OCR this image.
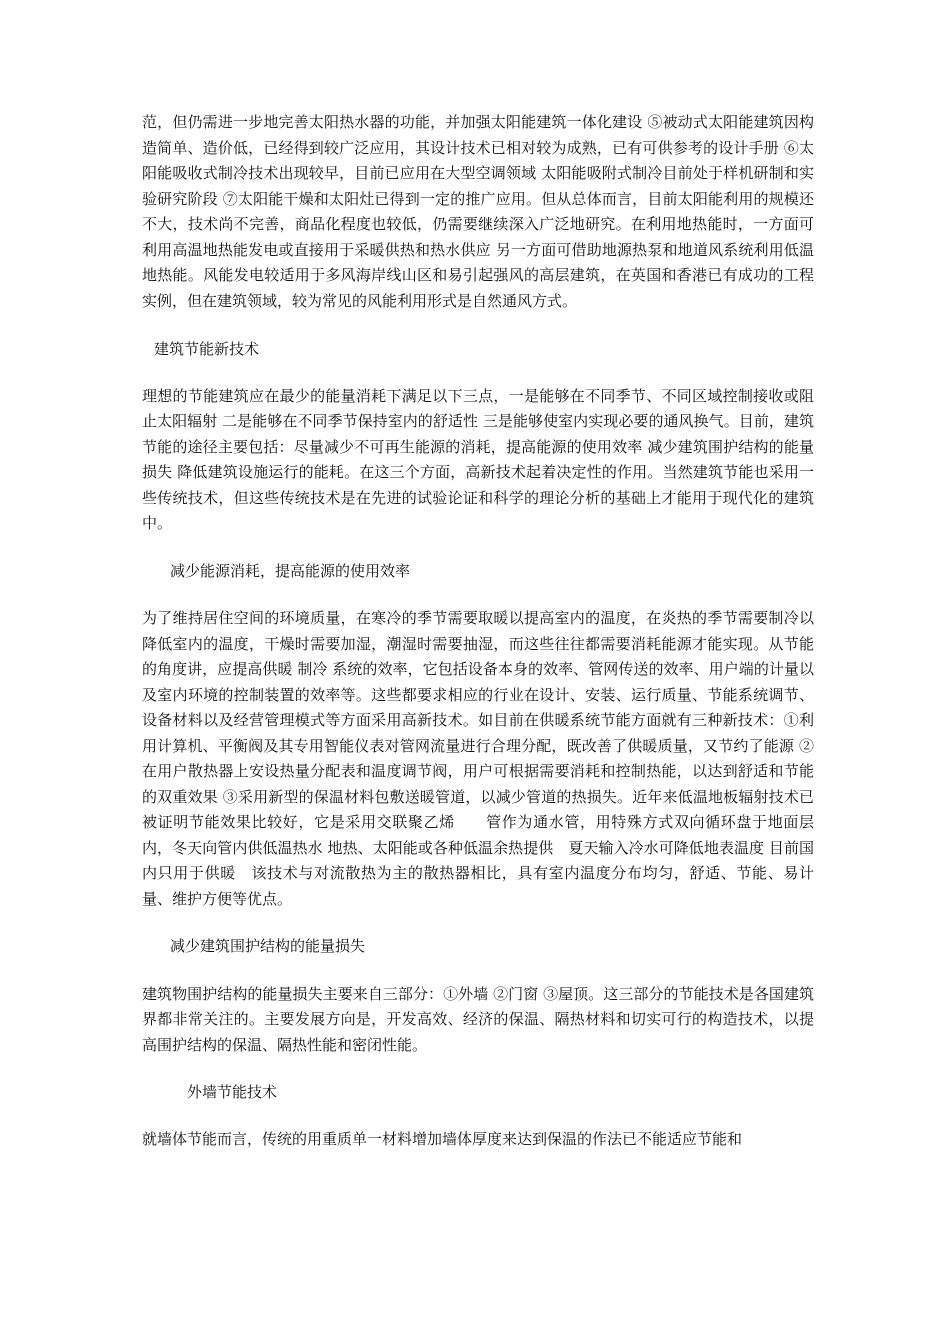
范，但仍需进一步地完善太阳热水器的功能，并加强太阳能建筑一体化建设 ⑤被动式太阳能建筑因构造简单、造价低，已经得到较广泛应用，其设计技术已相对较为成熟，已有可供参考的设计手册 ⑥太阳能吸收式制冷技术出现较早，目前已应用在大型空调领域 太阳能吸附式制冷目前处于样机研制和实验研究阶段 ⑦太阳能干燥和太阳灶已得到一定的推广应用。但从总体而言，目前太阳能利用的规模还不大，技术尚不完善，商品化程度也较低，仍需要继续深入广泛地研究。在利用地热能时，一方面可利用高温地热能发电或直接用于采暖供热和热水供应 另一方面可借助地源热泵和地道风系统利用低温地热能。风能发电较适用于多风海岸线山区和易引起强风的高层建筑，在英国和香港已有成功的工程实例，但在建筑领域，较为常见的风能利用形式是自然通风方式。

建筑节能新技术

理想的节能建筑应在最少的能量消耗下满足以下三点，一是能够在不同季节、不同区域控制接收或阻止太阳辐射 二是能够在不同季节保持室内的舒适性 三是能够使室内实现必要的通风换气。目前，建筑节能的途径主要包括：尽量减少不可再生能源的消耗，提高能源的使用效率 减少建筑围护结构的能量损失 降低建筑设施运行的能耗。在这三个方面，高新技术起着决定性的作用。当然建筑节能也采用一些传统技术，但这些传统技术是在先进的试验论证和科学的理论分析的基础上才能用于现代化的建筑中。

减少能源消耗，提高能源的使用效率

为了维持居住空间的环境质量，在寒冷的季节需要取暖以提高室内的温度，在炎热的季节需要制冷以降低室内的温度，干燥时需要加湿，潮湿时需要抽湿，而这些往往都需要消耗能源才能实现。从节能的角度讲，应提高供暖 制冷 系统的效率，它包括设备本身的效率、管网传送的效率、用户端的计量以及室内环境的控制装置的效率等。这些都要求相应的行业在设计、安装、运行质量、节能系统调节、设备材料以及经营管理模式等方面采用高新技术。如目前在供暖系统节能方面就有三种新技术：①利用计算机、平衡阀及其专用智能仪表对管网流量进行合理分配，既改善了供暖质量，又节约了能源 ②在用户散热器上安设热量分配表和温度调节阀，用户可根据需要消耗和控制热能，以达到舒适和节能的双重效果 ③采用新型的保温材料包敷送暖管道，以减少管道的热损失。近年来低温地板辐射技术已被证明节能效果比较好，它是采用交联聚乙烯　　管作为通水管，用特殊方式双向循环盘于地面层内，冬天向管内供低温热水 地热、太阳能或各种低温余热提供　夏天输入冷水可降低地表温度 目前国内只用于供暖　该技术与对流散热为主的散热器相比，具有室内温度分布均匀，舒适、节能、易计量、维护方便等优点。

减少建筑围护结构的能量损失

建筑物围护结构的能量损失主要来自三部分：①外墙 ②门窗 ③屋顶。这三部分的节能技术是各国建筑界都非常关注的。主要发展方向是，开发高效、经济的保温、隔热材料和切实可行的构造技术，以提高围护结构的保温、隔热性能和密闭性能。

外墙节能技术

就墙体节能而言，传统的用重质单一材料增加墙体厚度来达到保温的作法已不能适应节能和
